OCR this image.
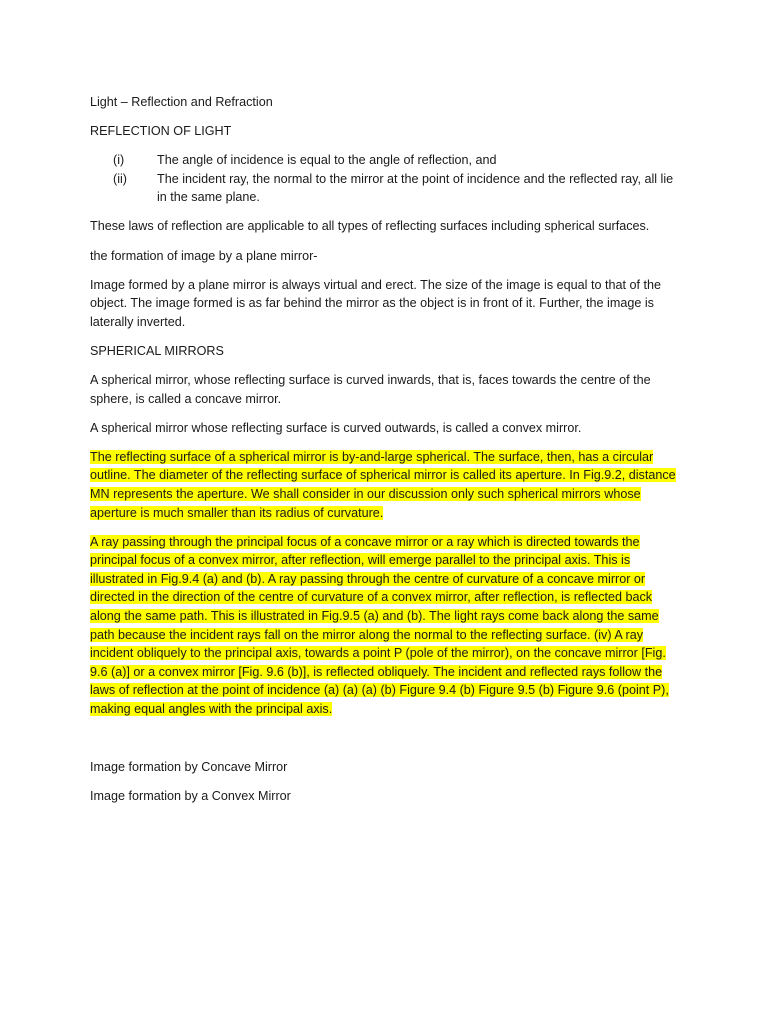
Light – Reflection and Refraction

REFLECTION OF LIGHT

(i)	The angle of incidence is equal to the angle of reflection, and
(ii)	The incident ray, the normal to the mirror at the point of incidence and the reflected ray, all lie in the same plane.

These laws of reflection are applicable to all types of reflecting surfaces including spherical surfaces.

the formation of image by a plane mirror-

Image formed by a plane mirror is always virtual and erect. The size of the image is equal to that of the object. The image formed is as far behind the mirror as the object is in front of it. Further, the image is laterally inverted.

SPHERICAL MIRRORS

A spherical mirror, whose reflecting surface is curved inwards, that is, faces towards the centre of the sphere, is called a concave mirror.

A spherical mirror whose reflecting surface is curved outwards, is called a convex mirror.

The reflecting surface of a spherical mirror is by-and-large spherical. The surface, then, has a circular outline. The diameter of the reflecting surface of spherical mirror is called its aperture. In Fig.9.2, distance MN represents the aperture. We shall consider in our discussion only such spherical mirrors whose aperture is much smaller than its radius of curvature.

A ray passing through the principal focus of a concave mirror or a ray which is directed towards the principal focus of a convex mirror, after reflection, will emerge parallel to the principal axis. This is illustrated in Fig.9.4 (a) and (b). A ray passing through the centre of curvature of a concave mirror or directed in the direction of the centre of curvature of a convex mirror, after reflection, is reflected back along the same path. This is illustrated in Fig.9.5 (a) and (b). The light rays come back along the same path because the incident rays fall on the mirror along the normal to the reflecting surface. (iv) A ray incident obliquely to the principal axis, towards a point P (pole of the mirror), on the concave mirror [Fig. 9.6 (a)] or a convex mirror [Fig. 9.6 (b)], is reflected obliquely. The incident and reflected rays follow the laws of reflection at the point of incidence (a) (a) (a) (b) Figure 9.4 (b) Figure 9.5 (b) Figure 9.6 (point P), making equal angles with the principal axis.

Image formation by Concave Mirror

Image formation by a Convex Mirror
